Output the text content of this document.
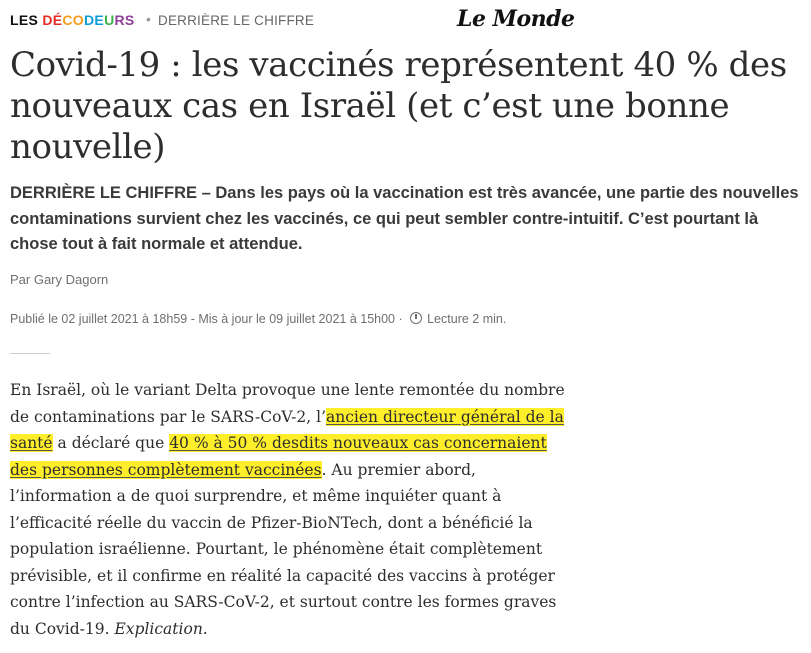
LES DÉCODEURS • DERRIÈRE LE CHIFFRE	Le Monde
Covid-19 : les vaccinés représentent 40 % des nouveaux cas en Israël (et c’est une bonne nouvelle)

DERRIÈRE LE CHIFFRE – Dans les pays où la vaccination est très avancée, une partie des nouvelles contaminations survient chez les vaccinés, ce qui peut sembler contre-intuitif. C’est pourtant là chose tout à fait normale et attendue.

Par Gary Dagorn
Publié le 02 juillet 2021 à 18h59 - Mis à jour le 09 juillet 2021 à 15h00 · Lecture 2 min.

En Israël, où le variant Delta provoque une lente remontée du nombre de contaminations par le SARS-CoV-2, l’ancien directeur général de la santé a déclaré que 40 % à 50 % desdits nouveaux cas concernaient des personnes complètement vaccinées. Au premier abord, l’information a de quoi surprendre, et même inquiéter quant à l’efficacité réelle du vaccin de Pfizer-BioNTech, dont a bénéficié la population israélienne. Pourtant, le phénomène était complètement prévisible, et il confirme en réalité la capacité des vaccins à protéger contre l’infection au SARS-CoV-2, et surtout contre les formes graves du Covid-19. Explication.
